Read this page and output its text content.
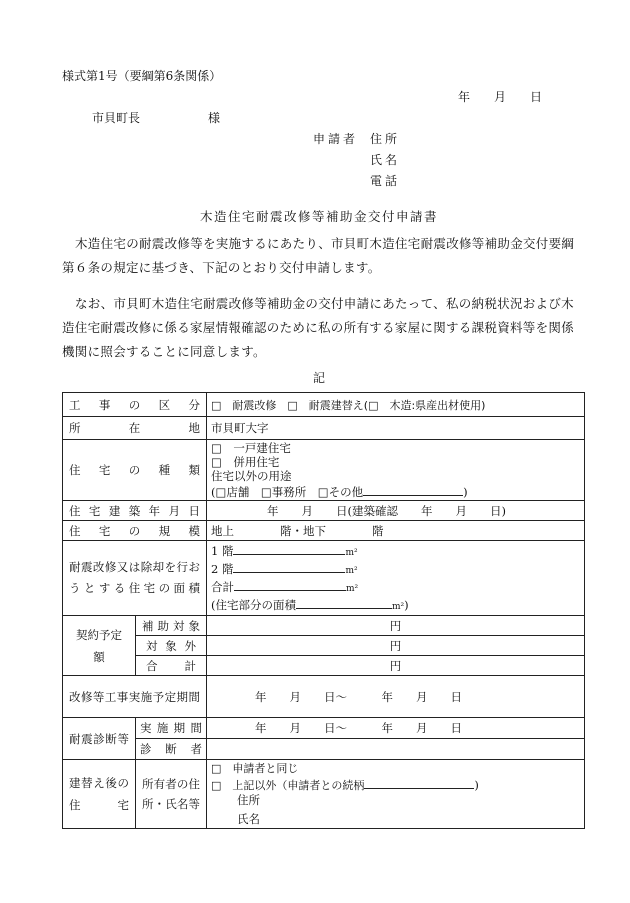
様式第1号（要綱第6条関係）
年　　月　　日
市貝町長	様
申請者 住所
氏名
電話
木造住宅耐震改修等補助金交付申請書

木造住宅の耐震改修等を実施するにあたり、市貝町木造住宅耐震改修等補助金交付要綱第６条の規定に基づき、下記のとおり交付申請します。

なお、市貝町木造住宅耐震改修等補助金の交付申請にあたって、私の納税状況および木造住宅耐震改修に係る家屋情報確認のために私の所有する家屋に関する課税資料等を関係機関に照会することに同意します。

記
工事の区分		□　耐震改修　□　耐震建替え(□　木造:県産出材使用)
所在地		市貝町大字
住宅の種類		□　一戸建住宅
□　併用住宅
住宅以外の用途
(□店舗　□事務所　□その他 )

住宅建築年月日		年　　月　　日(建築確認　　年　　月　　日)
住宅の規模		地上　　　　階・地下　　　　階
耐震改修又は除却を行おうとする住宅の面積		1 階 m²
2 階 m²
合計 m²
(住宅部分の面積 m²)

契約予定額	補助対象	円
	対象外	円
	合計	円
改修等工事実施予定期間		年　　月　　日～　　　年　　月　　日
耐震診断等	実施期間	年　　月　　日～　　　年　　月　　日
	診断者	
建替え後の住宅	所有者の住所・氏名等	□　申請者と同じ
□　上記以外（申請者との続柄 )
住所
氏名
